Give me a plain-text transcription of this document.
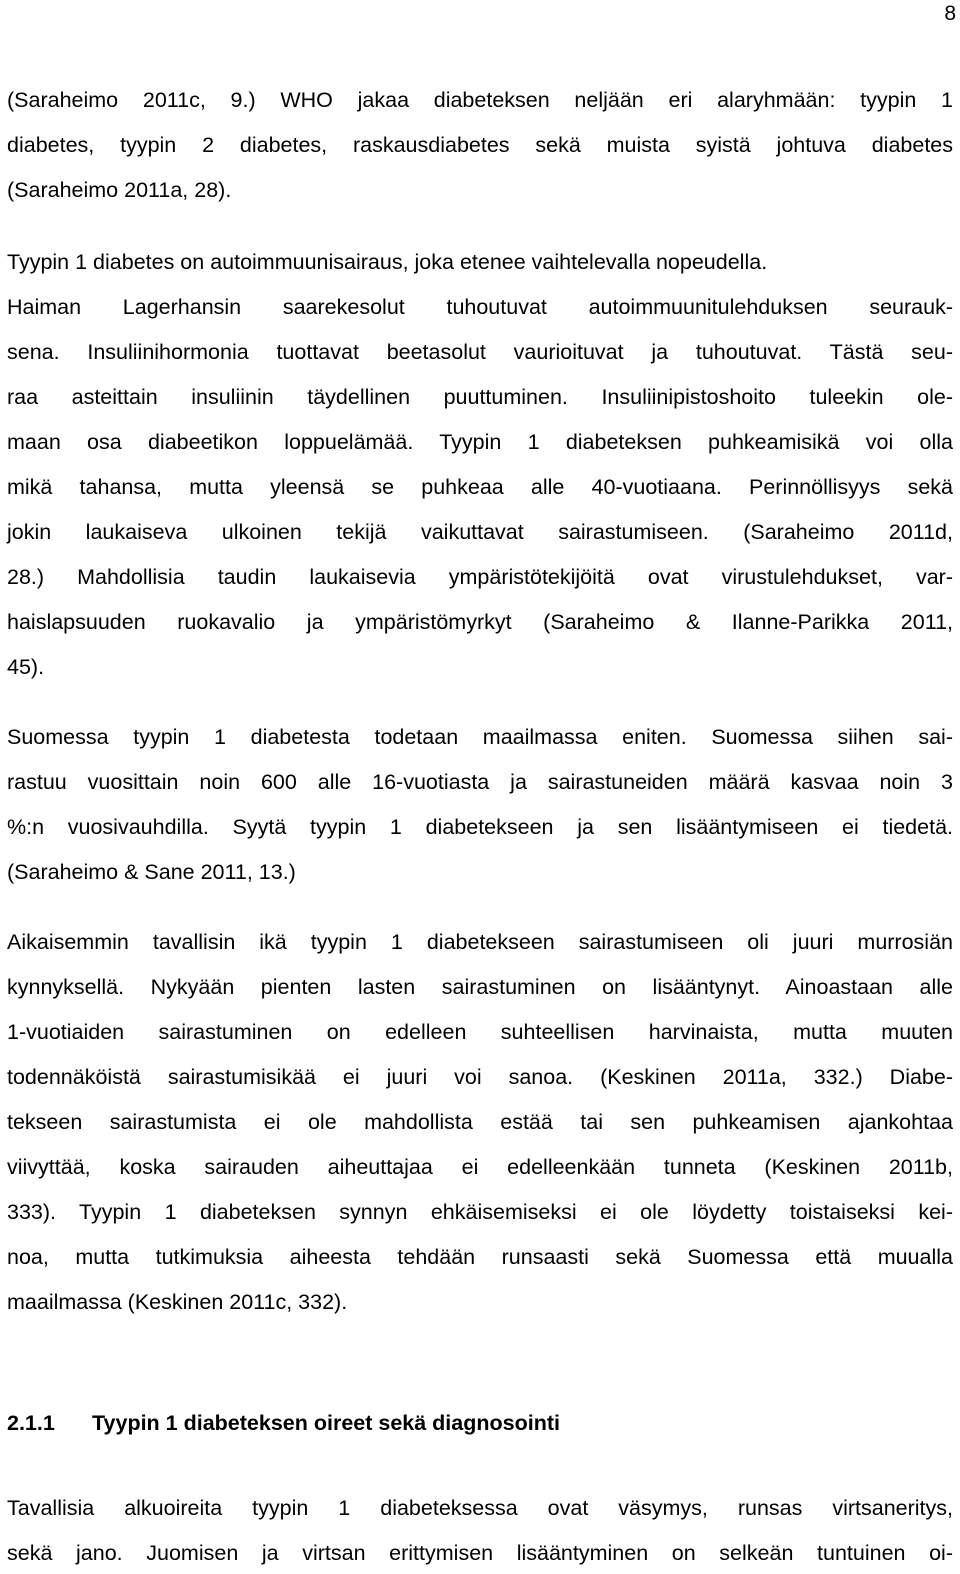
8
(Saraheimo 2011c, 9.) WHO jakaa diabeteksen neljään eri alaryhmään: tyypin 1
diabetes, tyypin 2 diabetes, raskausdiabetes sekä muista syistä johtuva diabetes
(Saraheimo 2011a, 28).
Tyypin 1 diabetes on autoimmuunisairaus, joka etenee vaihtelevalla nopeudella.
Haiman Lagerhansin saarekesolut tuhoutuvat autoimmuunitulehduksen seurauk-
sena. Insuliinihormonia tuottavat beetasolut vaurioituvat ja tuhoutuvat. Tästä seu-
raa asteittain insuliinin täydellinen puuttuminen. Insuliinipistoshoito tuleekin ole-
maan osa diabeetikon loppuelämää. Tyypin 1 diabeteksen puhkeamisikä voi olla
mikä tahansa, mutta yleensä se puhkeaa alle 40-vuotiaana. Perinnöllisyys sekä
jokin laukaiseva ulkoinen tekijä vaikuttavat sairastumiseen. (Saraheimo 2011d,
28.) Mahdollisia taudin laukaisevia ympäristötekijöitä ovat virustulehdukset, var-
haislapsuuden ruokavalio ja ympäristömyrkyt (Saraheimo & Ilanne-Parikka 2011,
45).
Suomessa tyypin 1 diabetesta todetaan maailmassa eniten. Suomessa siihen sai-
rastuu vuosittain noin 600 alle 16-vuotiasta ja sairastuneiden määrä kasvaa noin 3
%:n vuosivauhdilla. Syytä tyypin 1 diabetekseen ja sen lisääntymiseen ei tiedetä.
(Saraheimo & Sane 2011, 13.)
Aikaisemmin tavallisin ikä tyypin 1 diabetekseen sairastumiseen oli juuri murrosiän
kynnyksellä. Nykyään pienten lasten sairastuminen on lisääntynyt. Ainoastaan alle
1-vuotiaiden sairastuminen on edelleen suhteellisen harvinaista, mutta muuten
todennäköistä sairastumisikää ei juuri voi sanoa. (Keskinen 2011a, 332.) Diabe-
tekseen sairastumista ei ole mahdollista estää tai sen puhkeamisen ajankohtaa
viivyttää, koska sairauden aiheuttajaa ei edelleenkään tunneta (Keskinen 2011b,
333). Tyypin 1 diabeteksen synnyn ehkäisemiseksi ei ole löydetty toistaiseksi kei-
noa, mutta tutkimuksia aiheesta tehdään runsaasti sekä Suomessa että muualla
maailmassa (Keskinen 2011c, 332).
2.1.1 Tyypin 1 diabeteksen oireet sekä diagnosointi
Tavallisia alkuoireita tyypin 1 diabeteksessa ovat väsymys, runsas virtsaneritys,
sekä jano. Juomisen ja virtsan erittymisen lisääntyminen on selkeän tuntuinen oi-
